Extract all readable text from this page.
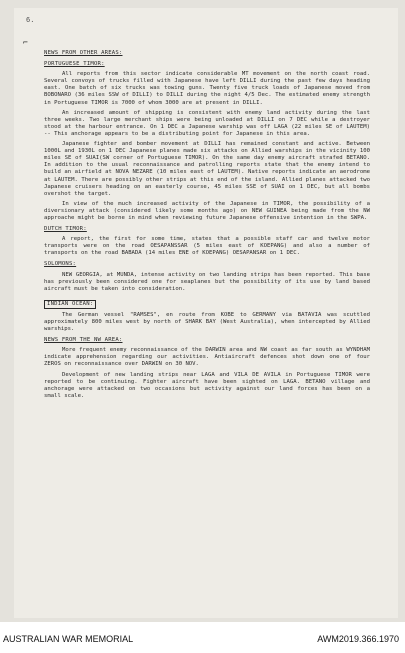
6.
⌐
NEWS FROM OTHER AREAS:
PORTUGUESE TIMOR:

All reports from this sector indicate considerable MT movement on the north coast road. Several convoys of trucks filled with Japanese have left DILLI during the past few days heading east. One batch of six trucks was towing guns. Twenty five truck loads of Japanese moved from BOBONARO (36 miles SSW of DILLI) to DILLI during the night 4/5 Dec. The estimated enemy strength in Portuguese TIMOR is 7000 of whom 3000 are at present in DILLI.

An increased amount of shipping is consistent with enemy land activity during the last three weeks. Two large merchant ships were being unloaded at DILLI on 7 DEC while a destroyer stood at the harbour entrance. On 1 DEC a Japanese warship was off LAGA (22 miles SE of LAUTEM) -- This anchorage appears to be a distributing point for Japanese in this area.

Japanese fighter and bomber movement at DILLI has remained constant and active. Between 1000L and 1930L on 1 DEC Japanese planes made six attacks on Allied warships in the vicinity 100 miles SE of SUAI(SW corner of Portuguese TIMOR). On the same day enemy aircraft strafed BETANO. In addition to the usual reconnaissance and patrolling reports state that the enemy intend to build an airfield at NOVA NEZARE (10 miles east of LAUTEM). Native reports indicate an aerodrome at LAUTEM. There are possibly other strips at this end of the island. Allied planes attacked two Japanese cruisers heading on an easterly course, 45 miles SSE of SUAI on 1 DEC, but all bombs overshot the target.

In view of the much increased activity of the Japanese in TIMOR, the possibility of a diversionary attack (considered likely some months ago) on NEW GUINEA being made from the NW approache might be borne in mind when reviewing future Japanese offensive intention in the SWPA.

DUTCH TIMOR:

A report, the first for some time, states that a possible staff car and twelve motor transports were on the road OESAPANSSAR (5 miles east of KOEPANG) and also a number of transports on the road BABADA (14 miles ENE of KOEPANG) OESAPANSAR on 1 DEC.

SOLOMONS:

NEW GEORGIA, at MUNDA, intense activity on two landing strips has been reported. This base has previously been considered one for seaplanes but the possibility of its use by land based aircraft must be taken into consideration.

INDIAN OCEAN:

The German vessel "RAMSES", en route from KOBE to GERMANY via BATAVIA was scuttled approximately 800 miles west by north of SHARK BAY (West Australia), when intercepted by Allied warships.

NEWS FROM THE NW AREA:

More frequent enemy reconnaissance of the DARWIN area and NW coast as far south as WYNDHAM indicate apprehension regarding our activities. Antiaircraft defences shot down one of four ZEROS on reconnaissance over DARWIN on 30 NOV.

Development of new landing strips near LAGA and VILA DE AVILA in Portuguese TIMOR were reported to be continuing. Fighter aircraft have been sighted on LAGA. BETANO village and anchorage were attacked on two occasions but activity against our land forces has been on a small scale.

AUSTRALIAN WAR MEMORIAL	AWM2019.366.1970
